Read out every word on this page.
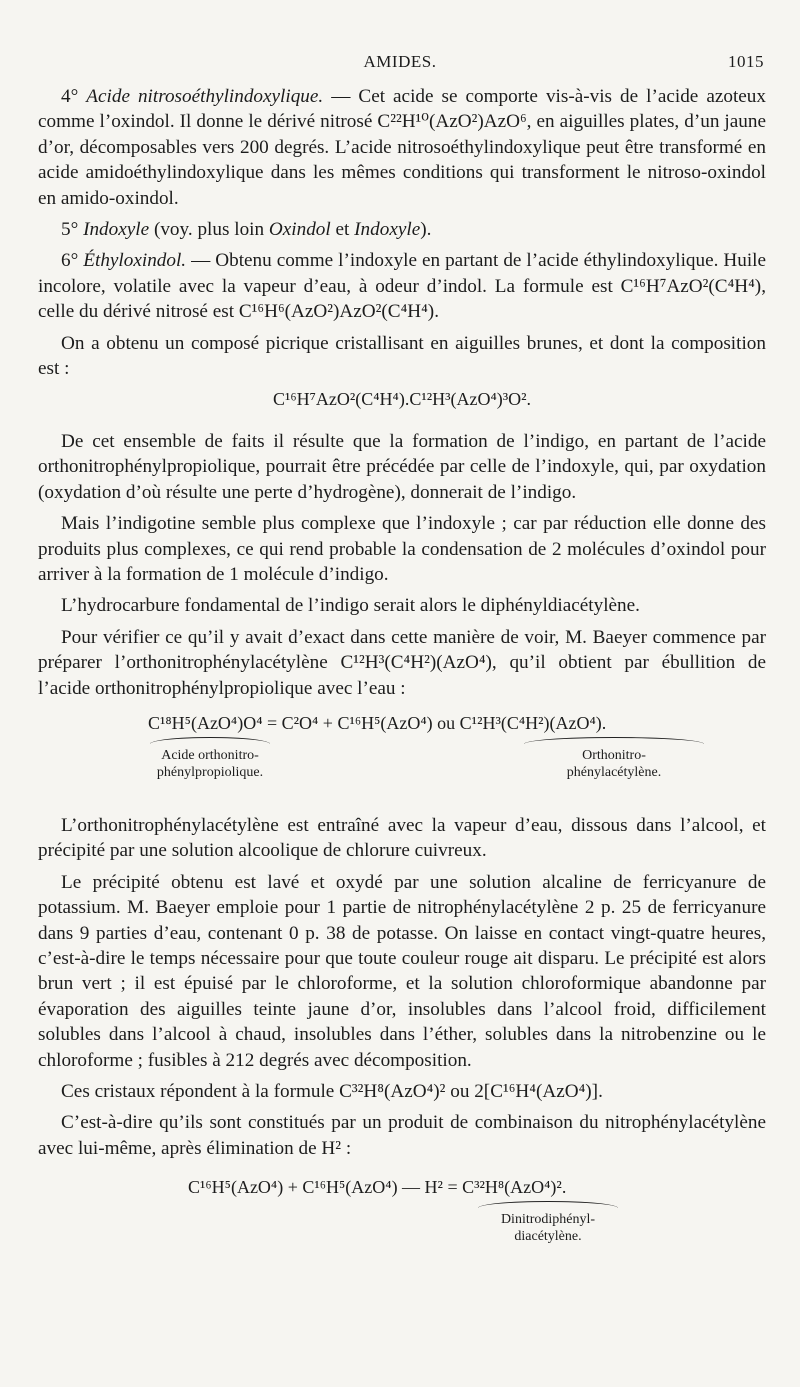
AMIDES.	1015

4° Acide nitrosoéthylindoxylique. — Cet acide se comporte vis-à-vis de l’acide azoteux comme l’oxindol. Il donne le dérivé nitrosé C²²H¹⁰(AzO²)AzO⁶, en aiguilles plates, d’un jaune d’or, décomposables vers 200 degrés. L’acide nitrosoéthylindoxylique peut être transformé en acide amidoéthylindoxylique dans les mêmes conditions qui transforment le nitroso-oxindol en amido-oxindol.

5° Indoxyle (voy. plus loin Oxindol et Indoxyle).

6° Éthyloxindol. — Obtenu comme l’indoxyle en partant de l’acide éthylindoxylique. Huile incolore, volatile avec la vapeur d’eau, à odeur d’indol. La formule est C¹⁶H⁷AzO²(C⁴H⁴), celle du dérivé nitrosé est C¹⁶H⁶(AzO²)AzO²(C⁴H⁴).

On a obtenu un composé picrique cristallisant en aiguilles brunes, et dont la composition est :

C¹⁶H⁷AzO²(C⁴H⁴).C¹²H³(AzO⁴)³O².

De cet ensemble de faits il résulte que la formation de l’indigo, en partant de l’acide orthonitrophénylpropiolique, pourrait être précédée par celle de l’indoxyle, qui, par oxydation (oxydation d’où résulte une perte d’hydrogène), donnerait de l’indigo.

Mais l’indigotine semble plus complexe que l’indoxyle ; car par réduction elle donne des produits plus complexes, ce qui rend probable la condensation de 2 molécules d’oxindol pour arriver à la formation de 1 molécule d’indigo.

L’hydrocarbure fondamental de l’indigo serait alors le diphényldiacétylène.

Pour vérifier ce qu’il y avait d’exact dans cette manière de voir, M. Baeyer commence par préparer l’orthonitrophénylacétylène C¹²H³(C⁴H²)(AzO⁴), qu’il obtient par ébullition de l’acide orthonitrophénylpropiolique avec l’eau :

C¹⁸H⁵(AzO⁴)O⁴ = C²O⁴ + C¹⁶H⁵(AzO⁴) ou C¹²H³(C⁴H²)(AzO⁴).
Acide orthonitro-
phénylpropiolique.
Orthonitro-
phénylacétylène.

L’orthonitrophénylacétylène est entraîné avec la vapeur d’eau, dissous dans l’alcool, et précipité par une solution alcoolique de chlorure cuivreux.

Le précipité obtenu est lavé et oxydé par une solution alcaline de ferricyanure de potassium. M. Baeyer emploie pour 1 partie de nitrophénylacétylène 2 p. 25 de ferricyanure dans 9 parties d’eau, contenant 0 p. 38 de potasse. On laisse en contact vingt-quatre heures, c’est-à-dire le temps nécessaire pour que toute couleur rouge ait disparu. Le précipité est alors brun vert ; il est épuisé par le chloroforme, et la solution chloroformique abandonne par évaporation des aiguilles teinte jaune d’or, insolubles dans l’alcool froid, difficilement solubles dans l’alcool à chaud, insolubles dans l’éther, solubles dans la nitrobenzine ou le chloroforme ; fusibles à 212 degrés avec décomposition.

Ces cristaux répondent à la formule C³²H⁸(AzO⁴)² ou 2[C¹⁶H⁴(AzO⁴)].

C’est-à-dire qu’ils sont constitués par un produit de combinaison du nitrophénylacétylène avec lui-même, après élimination de H² :

C¹⁶H⁵(AzO⁴) + C¹⁶H⁵(AzO⁴) — H² = C³²H⁸(AzO⁴)².
Dinitrodiphényl-
diacétylène.
